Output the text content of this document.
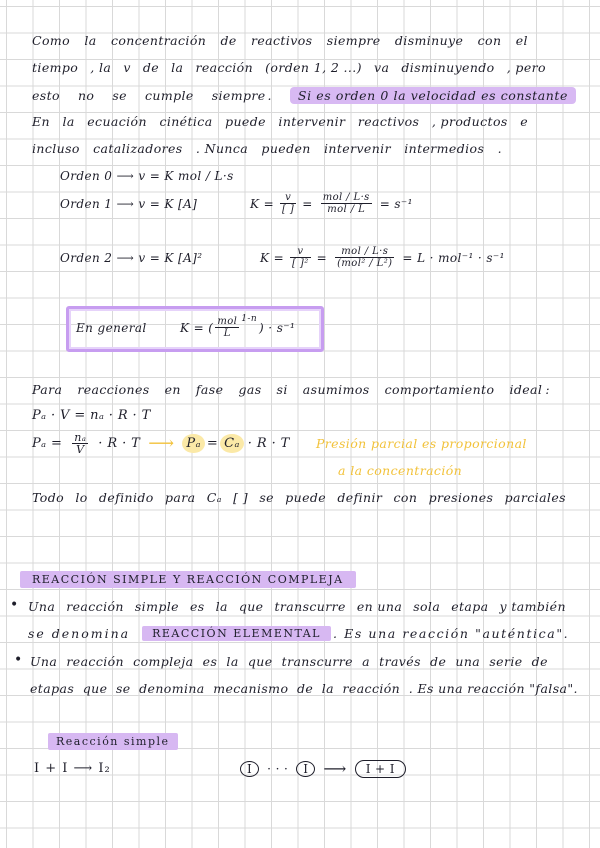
Como la concentración de reactivos siempre disminuye con el
tiempo , la v de la reacción (orden 1, 2 ...) va disminuyendo , pero
esto no se cumple siempre .	Si es orden 0 la velocidad es constante
En la ecuación cinética puede intervenir reactivos , productos e
incluso catalizadores . Nunca pueden intervenir intermedios .
Orden 0 ⟶ v = K mol / L·s
Orden 1 ⟶ v = K [A]	$K = \frac{v}{[ ]} = \frac{\text{mol / L·s}}{\text{mol / L}} = s^{-1}$
Orden 2 ⟶ v = K [A]²	$K = \frac{v}{\text{[ ]²}} = \frac{\text{mol / L·s}}{\text{(mol² / L²)}} = L \cdot mol^{-1} \cdot s^{-1}$
En general	K = ( $\frac{\text{mol}}{L} 1-n$
) · s⁻¹
Para reacciones en fase gas si asumimos comportamiento ideal :
Pₐ · V = nₐ · R · T
$P_a = \frac{\text{nₐ}}{V} \cdot R \cdot T$ ⟶ Pₐ = Cₐ · R · T Presión parcial es proporcional
a la concentración
Todo lo definido para Cₐ [ ] se puede definir con presiones parciales
REACCIÓN SIMPLE Y REACCIÓN COMPLEJA
• Una reacción simple es la que transcurre en una sola etapa y también
se denomina	REACCIÓN ELEMENTAL . Es una reacción "auténtica".
• Una reacción compleja es la que transcurre a través de una serie de
etapas que se denomina mecanismo de la reacción . Es una reacción "falsa".
Reacción simple
I + I ⟶ I₂	I	· · ·	I ⟶	I + I
